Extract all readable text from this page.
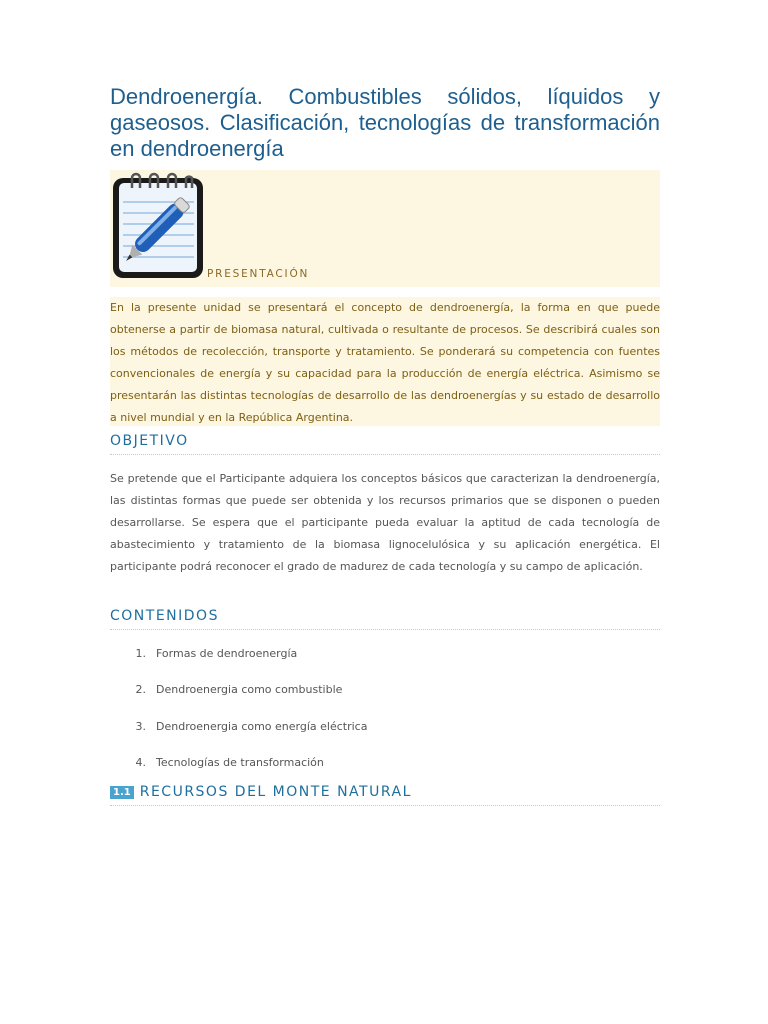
Dendroenergía. Combustibles sólidos, líquidos y gaseosos. Clasificación, tecnologías de transformación en dendroenergía
PRESENTACIÓN

En la presente unidad se presentará el concepto de dendroenergía, la forma en que puede obtenerse a partir de biomasa natural, cultivada o resultante de procesos. Se describirá cuales son los métodos de recolección, transporte y tratamiento. Se ponderará su competencia con fuentes convencionales de energía y su capacidad para la producción de energía eléctrica. Asimismo se presentarán las distintas tecnologías de desarrollo de las dendroenergías y su estado de desarrollo a nivel mundial y en la República Argentina.

OBJETIVO

Se pretende que el Participante adquiera los conceptos básicos que caracterizan la dendroenergía, las distintas formas que puede ser obtenida y los recursos primarios que se disponen o pueden desarrollarse. Se espera que el participante pueda evaluar la aptitud de cada tecnología de abastecimiento y tratamiento de la biomasa lignocelulósica y su aplicación energética. El participante podrá reconocer el grado de madurez de cada tecnología y su campo de aplicación.

CONTENIDOS
1. Formas de dendroenergía
2. Dendroenergia como combustible
3. Dendroenergia como energía eléctrica
4. Tecnologías de transformación
1.1 RECURSOS DEL MONTE NATURAL
